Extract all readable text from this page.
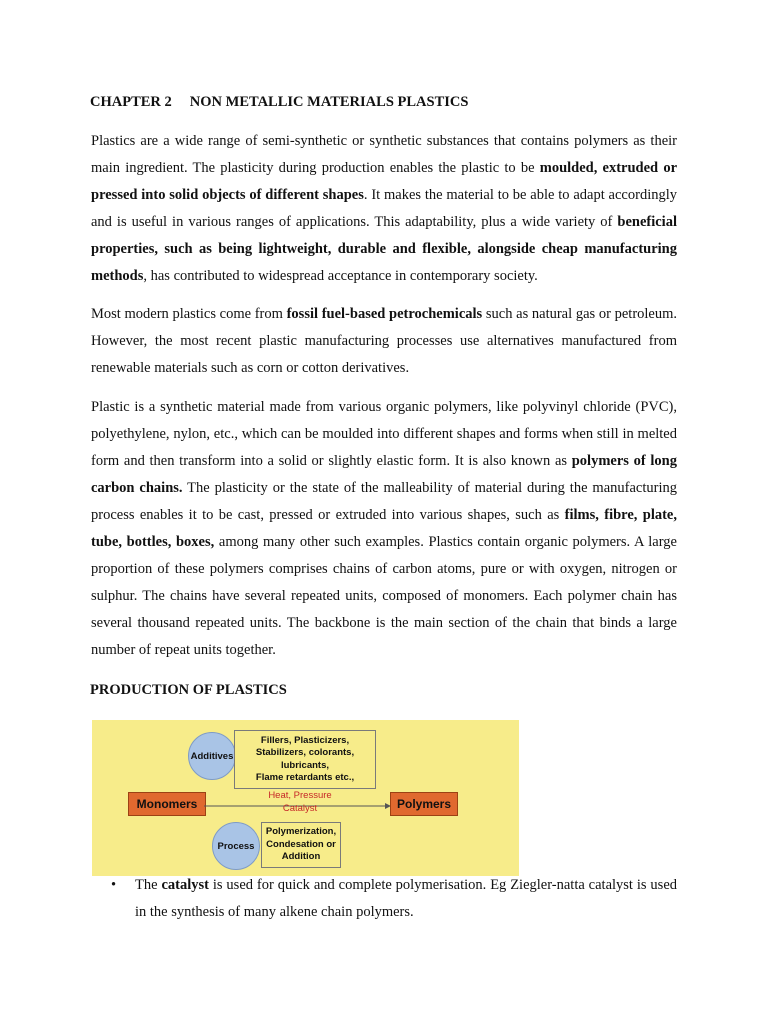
CHAPTER 2 NON METALLIC MATERIALS PLASTICS

Plastics are a wide range of semi-synthetic or synthetic substances that contains polymers as their main ingredient. The plasticity during production enables the plastic to be moulded, extruded or pressed into solid objects of different shapes. It makes the material to be able to adapt accordingly and is useful in various ranges of applications. This adaptability, plus a wide variety of beneficial properties, such as being lightweight, durable and flexible, alongside cheap manufacturing methods, has contributed to widespread acceptance in contemporary society.

Most modern plastics come from fossil fuel-based petrochemicals such as natural gas or petroleum. However, the most recent plastic manufacturing processes use alternatives manufactured from renewable materials such as corn or cotton derivatives.

Plastic is a synthetic material made from various organic polymers, like polyvinyl chloride (PVC), polyethylene, nylon, etc., which can be moulded into different shapes and forms when still in melted form and then transform into a solid or slightly elastic form. It is also known as polymers of long carbon chains. The plasticity or the state of the malleability of material during the manufacturing process enables it to be cast, pressed or extruded into various shapes, such as films, fibre, plate, tube, bottles, boxes, among many other such examples. Plastics contain organic polymers. A large proportion of these polymers comprises chains of carbon atoms, pure or with oxygen, nitrogen or sulphur. The chains have several repeated units, composed of monomers. Each polymer chain has several thousand repeated units. The backbone is the main section of the chain that binds a large number of repeat units together.

PRODUCTION OF PLASTICS
Additives
Fillers, Plasticizers,
Stabilizers, colorants,
lubricants,
Flame retardants etc.,
Monomers
Heat, Pressure
Catalyst	Polymers
Process
Polymerization,
Condesation or
Addition
• The catalyst is used for quick and complete polymerisation. Eg Ziegler-natta catalyst is used in the synthesis of many alkene chain polymers.
